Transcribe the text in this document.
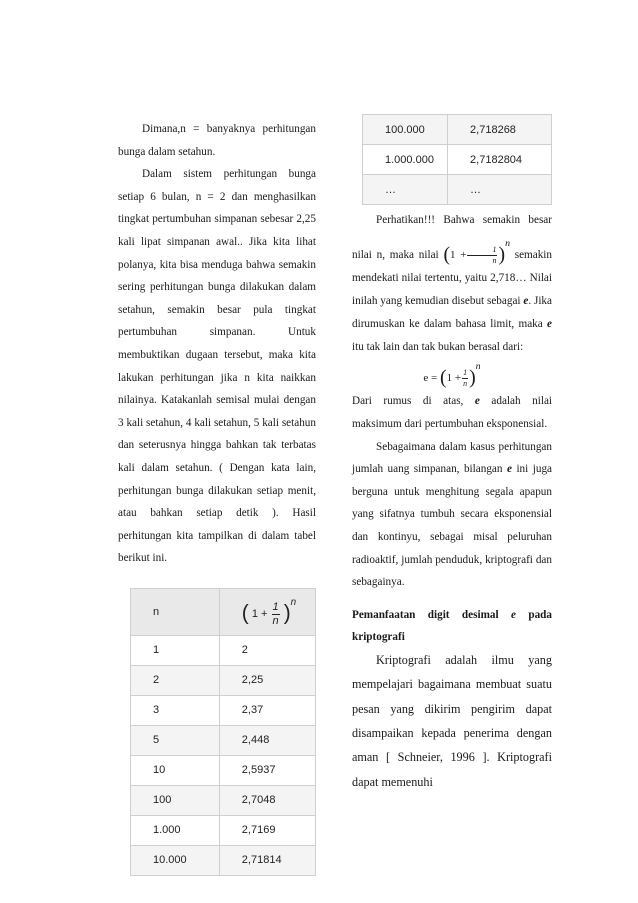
Dimana,n = banyaknya perhitungan bunga dalam setahun.

Dalam sistem perhitungan bunga setiap 6 bulan, n = 2 dan menghasilkan tingkat pertumbuhan simpanan sebesar 2,25 kali lipat simpanan awal.. Jika kita lihat polanya, kita bisa menduga bahwa semakin sering perhitungan bunga dilakukan dalam setahun, semakin besar pula tingkat pertumbuhan simpanan. Untuk membuktikan dugaan tersebut, maka kita lakukan perhitungan jika n kita naikkan nilainya. Katakanlah semisal mulai dengan 3 kali setahun, 4 kali setahun, 5 kali setahun dan seterusnya hingga bahkan tak terbatas kali dalam setahun. ( Dengan kata lain, perhitungan bunga dilakukan setiap menit, atau bahkan setiap detik ). Hasil perhitungan kita tampilkan di dalam tabel berikut ini.

n	( $1 + \frac{1}{n} )n$
1	2
2	2,25
3	2,37
5	2,448
10	2,5937
100	2,7048
1.000	2,7169
10.000	2,71814
100.000	2,718268
1.000.000	2,7182804
…	…

Perhatikan!!! Bahwa semakin besar nilai n, maka nilai $(1 + \frac{1}{n} )n$ semakin mendekati nilai tertentu, yaitu 2,718… Nilai inilah yang kemudian disebut sebagai e. Jika dirumuskan ke dalam bahasa limit, maka e itu tak lain dan tak bukan berasal dari:

$e = (1 + \frac{1}{n} )n$

Dari rumus di atas, e adalah nilai maksimum dari pertumbuhan eksponensial.

Sebagaimana dalam kasus perhitungan jumlah uang simpanan, bilangan e ini juga berguna untuk menghitung segala apapun yang sifatnya tumbuh secara eksponensial dan kontinyu, sebagai misal peluruhan radioaktif, jumlah penduduk, kriptografi dan sebagainya.

Pemanfaatan digit desimal e pada kriptografi

Kriptografi adalah ilmu yang mempelajari bagaimana membuat suatu pesan yang dikirim pengirim dapat disampaikan kepada penerima dengan aman [ Schneier, 1996 ]. Kriptografi dapat memenuhi
